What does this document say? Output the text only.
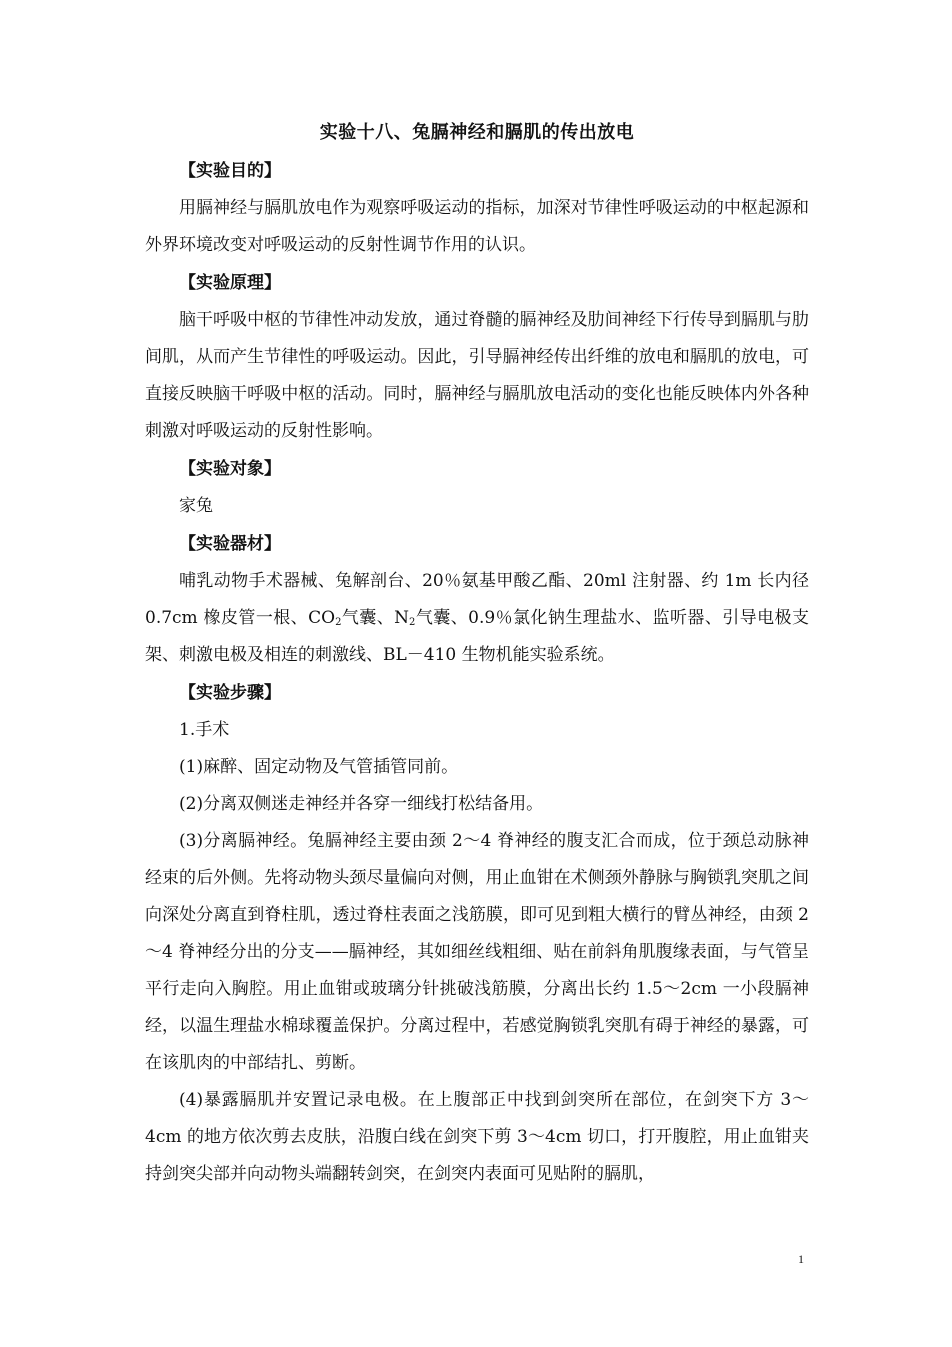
实验十八、兔膈神经和膈肌的传出放电
【实验目的】

用膈神经与膈肌放电作为观察呼吸运动的指标，加深对节律性呼吸运动的中枢起源和外界环境改变对呼吸运动的反射性调节作用的认识。

【实验原理】

脑干呼吸中枢的节律性冲动发放，通过脊髓的膈神经及肋间神经下行传导到膈肌与肋间肌，从而产生节律性的呼吸运动。因此，引导膈神经传出纤维的放电和膈肌的放电，可直接反映脑干呼吸中枢的活动。同时，膈神经与膈肌放电活动的变化也能反映体内外各种刺激对呼吸运动的反射性影响。

【实验对象】

家兔

【实验器材】

哺乳动物手术器械、兔解剖台、20％氨基甲酸乙酯、20ml 注射器、约 1m 长内径 0.7cm 橡皮管一根、$CO_2$气囊、$N_2$气囊、0.9％氯化钠生理盐水、监听器、引导电极支架、刺激电极及相连的刺激线、BL－410 生物机能实验系统。

【实验步骤】

1.手术

(1)麻醉、固定动物及气管插管同前。

(2)分离双侧迷走神经并各穿一细线打松结备用。

(3)分离膈神经。兔膈神经主要由颈 2～4 脊神经的腹支汇合而成，位于颈总动脉神经束的后外侧。先将动物头颈尽量偏向对侧，用止血钳在术侧颈外静脉与胸锁乳突肌之间向深处分离直到脊柱肌，透过脊柱表面之浅筋膜，即可见到粗大横行的臂丛神经，由颈 2～4 脊神经分出的分支——膈神经，其如细丝线粗细、贴在前斜角肌腹缘表面，与气管呈平行走向入胸腔。用止血钳或玻璃分针挑破浅筋膜，分离出长约 1.5～2cm 一小段膈神经，以温生理盐水棉球覆盖保护。分离过程中，若感觉胸锁乳突肌有碍于神经的暴露，可在该肌肉的中部结扎、剪断。

(4)暴露膈肌并安置记录电极。在上腹部正中找到剑突所在部位，在剑突下方 3～4cm 的地方依次剪去皮肤，沿腹白线在剑突下剪 3～4cm 切口，打开腹腔，用止血钳夹持剑突尖部并向动物头端翻转剑突，在剑突内表面可见贴附的膈肌，

1
